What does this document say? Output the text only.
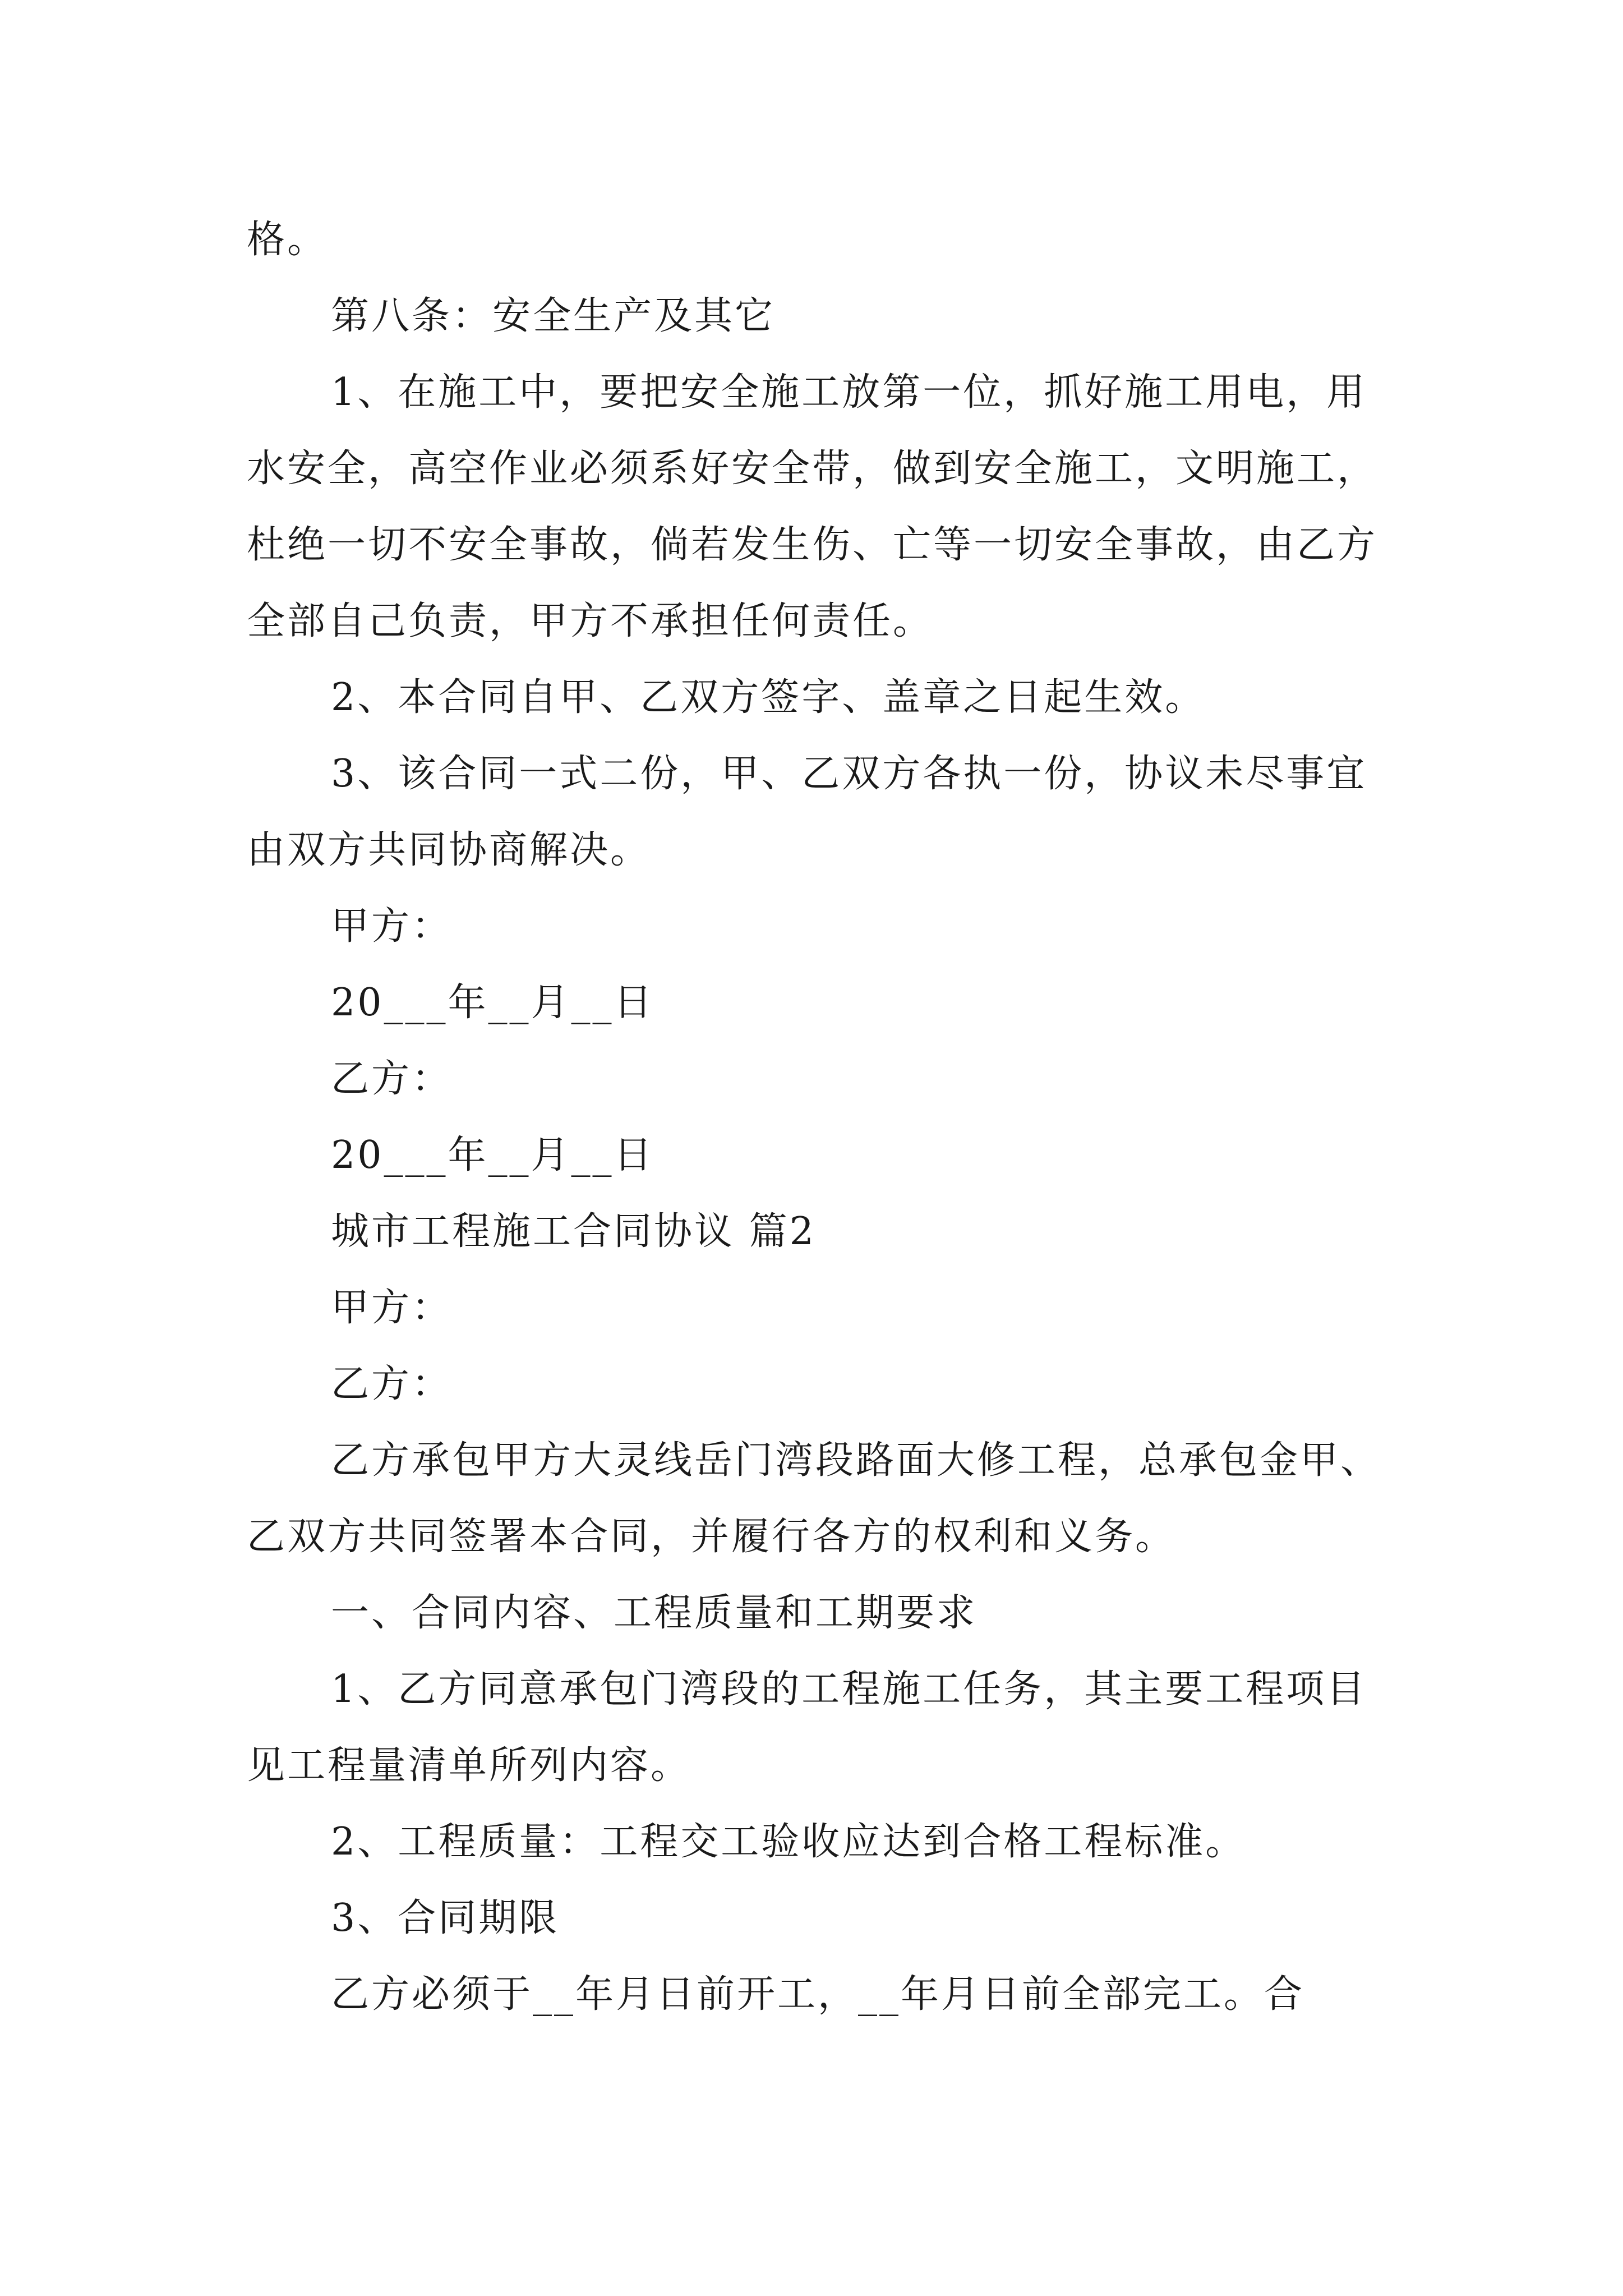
格。

第八条：安全生产及其它

1、在施工中，要把安全施工放第一位，抓好施工用电，用水安全，高空作业必须系好安全带，做到安全施工，文明施工，杜绝一切不安全事故，倘若发生伤、亡等一切安全事故，由乙方全部自己负责，甲方不承担任何责任。

2、本合同自甲、乙双方签字、盖章之日起生效。

3、该合同一式二份，甲、乙双方各执一份，协议未尽事宜由双方共同协商解决。

甲方：

20___年__月__日

乙方：

20___年__月__日

城市工程施工合同协议 篇2

甲方：

乙方：

乙方承包甲方大灵线岳门湾段路面大修工程，总承包金甲、乙双方共同签署本合同，并履行各方的权利和义务。

一、合同内容、工程质量和工期要求

1、乙方同意承包门湾段的工程施工任务，其主要工程项目见工程量清单所列内容。

2、工程质量：工程交工验收应达到合格工程标准。

3、合同期限

乙方必须于__年月日前开工，__年月日前全部完工。合
